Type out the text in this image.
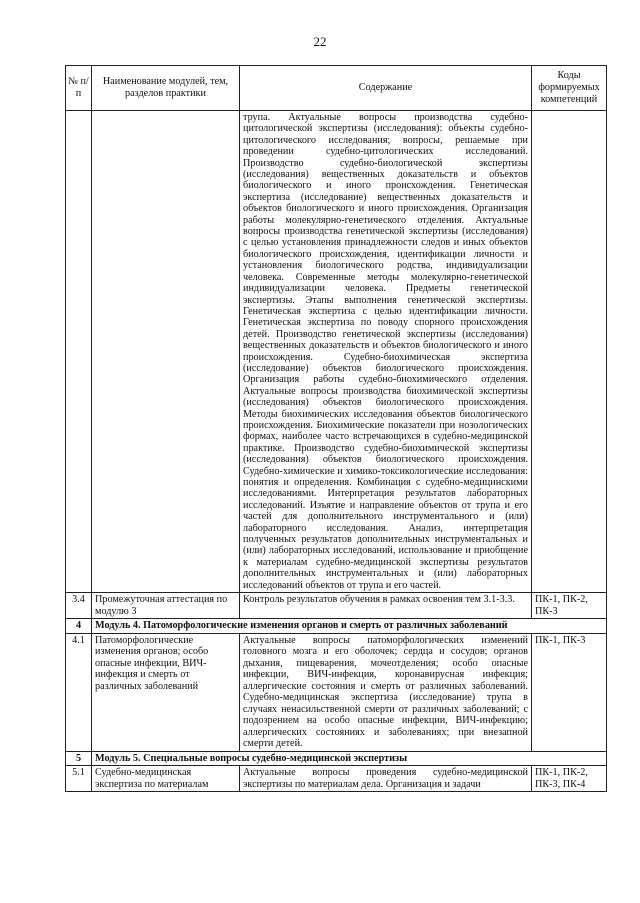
22
№ п/п	Наименование модулей, тем, разделов практики	Содержание	Коды формируемых компетенций
		трупа. Актуальные вопросы производства судебно-цитологической экспертизы (исследования): объекты судебно-цитологического исследования; вопросы, решаемые при проведении судебно-цитологических исследований. Производство судебно-биологической экспертизы (исследования) вещественных доказательств и объектов биологического и иного происхождения. Генетическая экспертиза (исследование) вещественных доказательств и объектов биологического и иного происхождения. Организация работы молекулярно-генетического отделения. Актуальные вопросы производства генетической экспертизы (исследования) с целью установления принадлежности следов и иных объектов биологического происхождения, идентификации личности и установления биологического родства, индивидуализации человека. Современные методы молекулярно-генетической индивидуализации человека. Предметы генетической экспертизы. Этапы выполнения генетической экспертизы. Генетическая экспертиза с целью идентификации личности. Генетическая экспертиза по поводу спорного происхождения детей. Производство генетической экспертизы (исследования) вещественных доказательств и объектов биологического и иного происхождения. Судебно-биохимическая экспертиза (исследование) объектов биологического происхождения. Организация работы судебно-биохимического отделения. Актуальные вопросы производства биохимической экспертизы (исследования) объектов биологического происхождения. Методы биохимических исследования объектов биологического происхождения. Биохимические показатели при нозологических формах, наиболее часто встречающихся в судебно-медицинской практике. Производство судебно-биохимической экспертизы (исследования) объектов биологического происхождения. Судебно-химические и химико-токсикологические исследования: понятия и определения. Комбинация с судебно-медицинскими исследованиями. Интерпретация результатов лабораторных исследований. Изъятие и направление объектов от трупа и его частей для дополнительного инструментального и (или) лабораторного исследования. Анализ, интерпретация полученных результатов дополнительных инструментальных и (или) лабораторных исследований, использование и приобщение к материалам судебно-медицинской экспертизы результатов дополнительных инструментальных и (или) лабораторных исследований объектов от трупа и его частей.	
3.4	Промежуточная аттестация по модулю 3	Контроль результатов обучения в рамках освоения тем 3.1-3.3.	ПК-1, ПК-2, ПК-3
4	Модуль 4. Патоморфологические изменения органов и смерть от различных заболеваний		
4.1	Патоморфологические изменения органов; особо опасные инфекции, ВИЧ-инфекция и смерть от различных заболеваний	Актуальные вопросы патоморфологических изменений головного мозга и его оболочек; сердца и сосудов; органов дыхания, пищеварения, мочеотделения; особо опасные инфекции, ВИЧ-инфекция, коронавирусная инфекция; аллергические состояния и смерть от различных заболеваний. Судебно-медицинская экспертиза (исследование) трупа в случаях ненасильственной смерти от различных заболеваний; с подозрением на особо опасные инфекции, ВИЧ-инфекцию; аллергических состояниях и заболеваниях; при внезапной смерти детей.	ПК-1, ПК-3
5	Модуль 5. Специальные вопросы судебно-медицинской экспертизы		
5.1	Судебно-медицинская экспертиза по материалам	Актуальные вопросы проведения судебно-медицинской экспертизы по материалам дела. Организация и задачи	ПК-1, ПК-2, ПК-3, ПК-4
